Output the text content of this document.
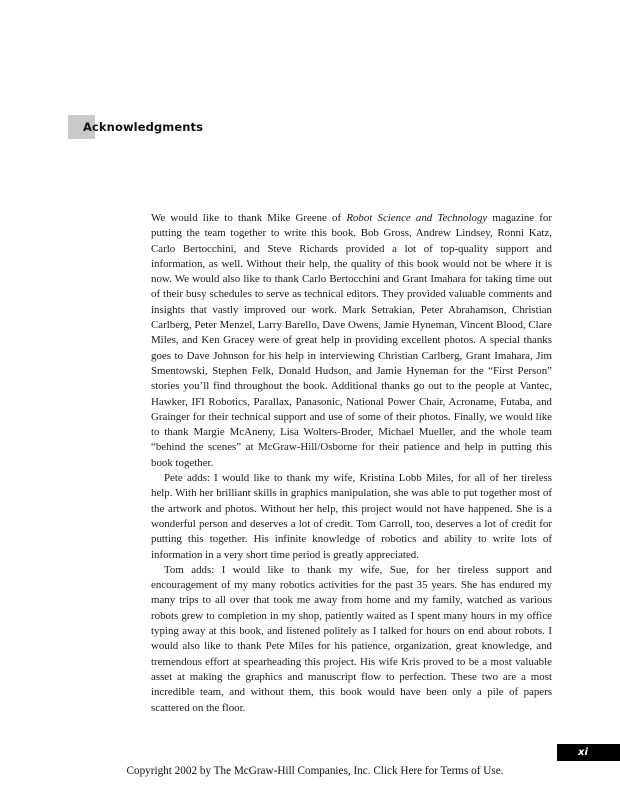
Acknowledgments

We would like to thank Mike Greene of Robot Science and Technology magazine for putting the team together to write this book. Bob Gross, Andrew Lindsey, Ronni Katz, Carlo Bertocchini, and Steve Richards provided a lot of top-quality support and information, as well. Without their help, the quality of this book would not be where it is now. We would also like to thank Carlo Bertocchini and Grant Imahara for taking time out of their busy schedules to serve as technical editors. They provided valuable comments and insights that vastly improved our work. Mark Setrakian, Peter Abrahamson, Christian Carlberg, Peter Menzel, Larry Barello, Dave Owens, Jamie Hyneman, Vincent Blood, Clare Miles, and Ken Gracey were of great help in providing excellent photos. A special thanks goes to Dave Johnson for his help in interviewing Christian Carlberg, Grant Imahara, Jim Smentowski, Stephen Felk, Donald Hudson, and Jamie Hyneman for the “First Person” stories you’ll find throughout the book. Additional thanks go out to the people at Vantec, Hawker, IFI Robotics, Parallax, Panasonic, National Power Chair, Acroname, Futaba, and Grainger for their technical support and use of some of their photos. Finally, we would like to thank Margie McAneny, Lisa Wolters-Broder, Michael Mueller, and the whole team “behind the scenes” at McGraw-Hill/Osborne for their patience and help in putting this book together.

Pete adds: I would like to thank my wife, Kristina Lobb Miles, for all of her tireless help. With her brilliant skills in graphics manipulation, she was able to put together most of the artwork and photos. Without her help, this project would not have happened. She is a wonderful person and deserves a lot of credit. Tom Carroll, too, deserves a lot of credit for putting this together. His infinite knowledge of robotics and ability to write lots of information in a very short time period is greatly appreciated.

Tom adds: I would like to thank my wife, Sue, for her tireless support and encouragement of my many robotics activities for the past 35 years. She has endured my many trips to all over that took me away from home and my family, watched as various robots grew to completion in my shop, patiently waited as I spent many hours in my office typing away at this book, and listened politely as I talked for hours on end about robots. I would also like to thank Pete Miles for his patience, organization, great knowledge, and tremendous effort at spearheading this project. His wife Kris proved to be a most valuable asset at making the graphics and manuscript flow to perfection. These two are a most incredible team, and without them, this book would have been only a pile of papers scattered on the floor.

xi
Copyright 2002 by The McGraw-Hill Companies, Inc. Click Here for Terms of Use.
